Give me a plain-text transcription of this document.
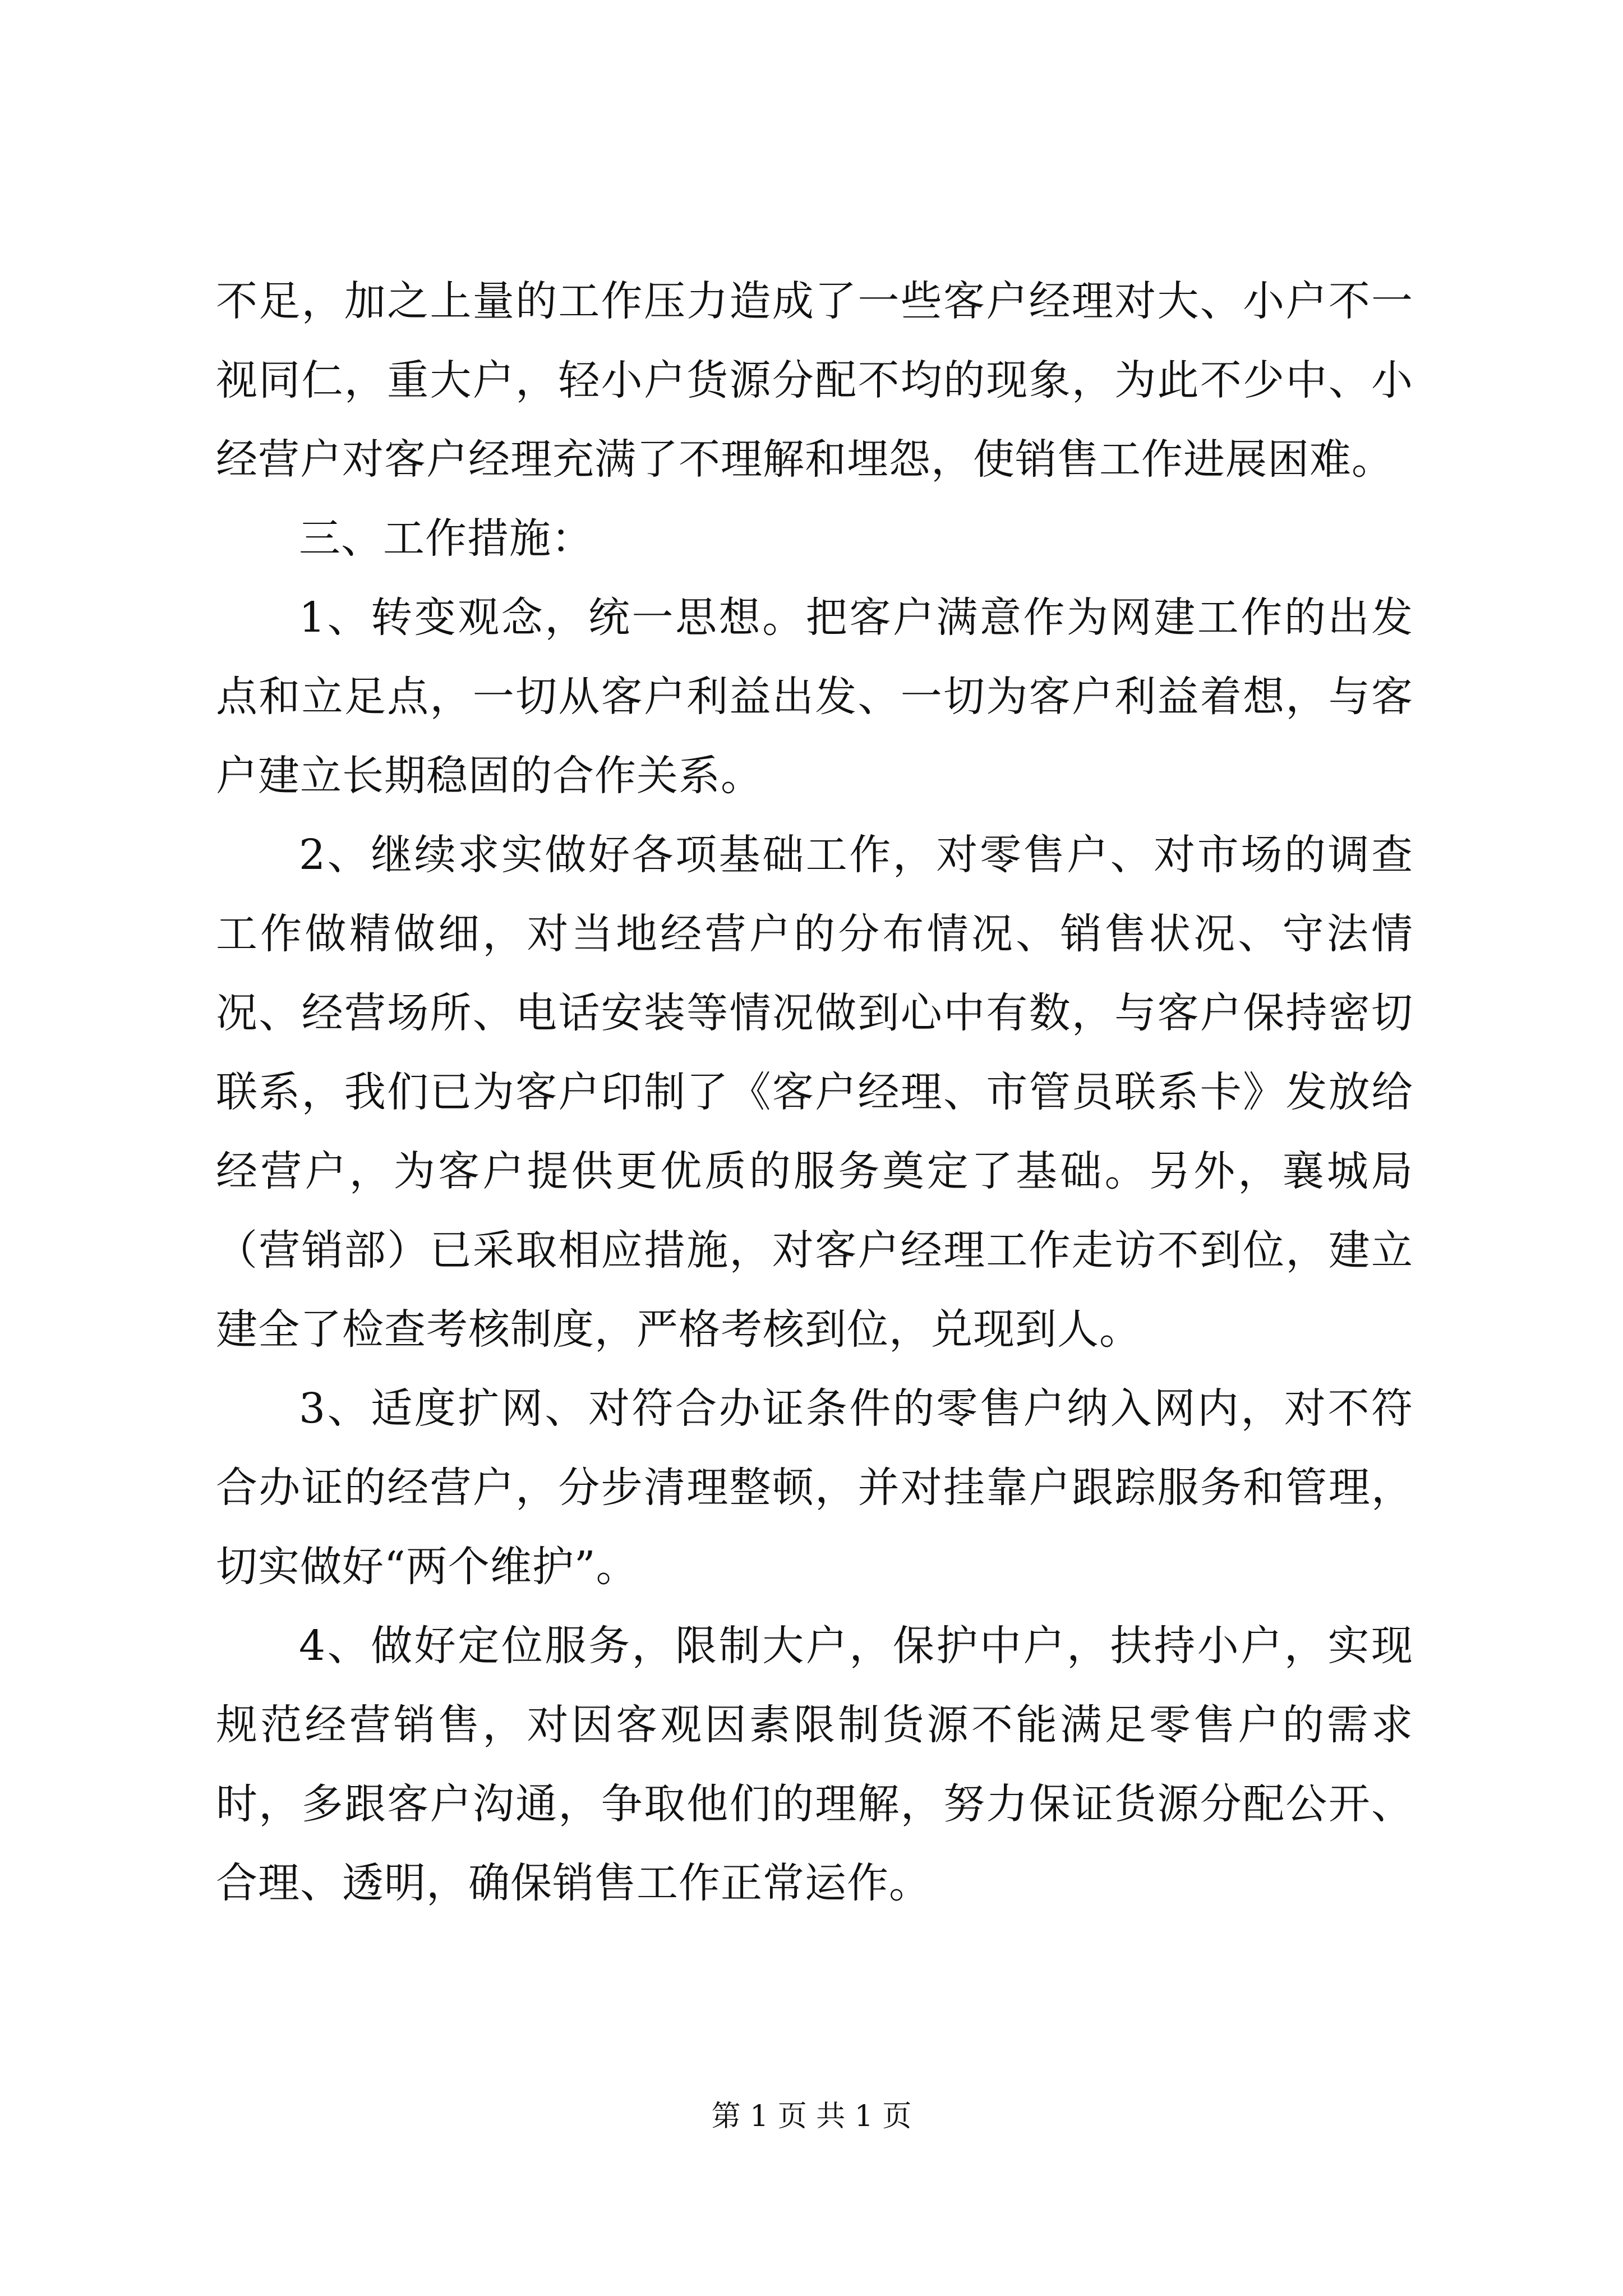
不足，加之上量的工作压力造成了一些客户经理对大、小户不一视同仁，重大户，轻小户货源分配不均的现象，为此不少中、小经营户对客户经理充满了不理解和埋怨，使销售工作进展困难。

三、工作措施：

1、转变观念，统一思想。把客户满意作为网建工作的出发点和立足点，一切从客户利益出发、一切为客户利益着想，与客户建立长期稳固的合作关系。

2、继续求实做好各项基础工作，对零售户、对市场的调查工作做精做细，对当地经营户的分布情况、销售状况、守法情况、经营场所、电话安装等情况做到心中有数，与客户保持密切联系，我们已为客户印制了《客户经理、市管员联系卡》发放给经营户，为客户提供更优质的服务奠定了基础。另外，襄城局（营销部）已采取相应措施，对客户经理工作走访不到位，建立建全了检查考核制度，严格考核到位，兑现到人。

3、适度扩网、对符合办证条件的零售户纳入网内，对不符合办证的经营户，分步清理整顿，并对挂靠户跟踪服务和管理，切实做好“两个维护”。

4、做好定位服务，限制大户，保护中户，扶持小户，实现规范经营销售，对因客观因素限制货源不能满足零售户的需求时，多跟客户沟通，争取他们的理解，努力保证货源分配公开、合理、透明，确保销售工作正常运作。

第 1 页 共 1 页
